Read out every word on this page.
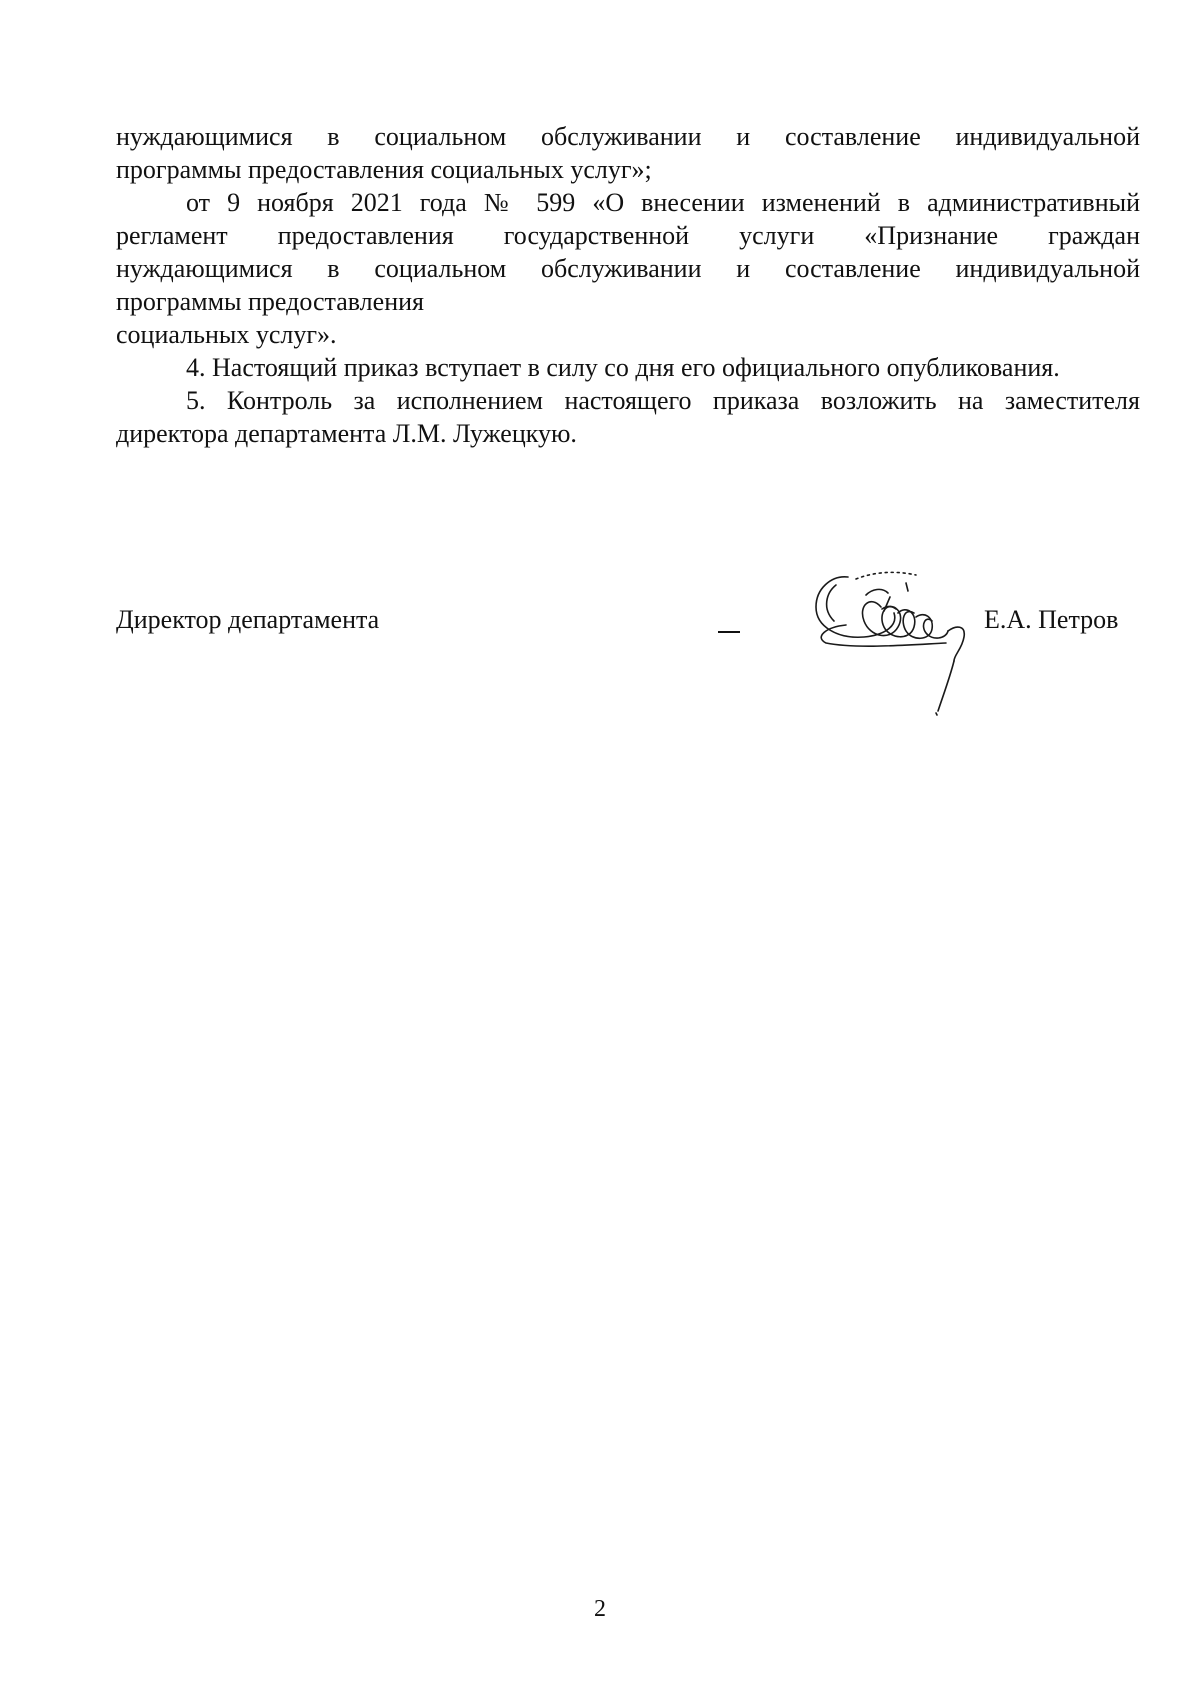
нуждающимися в социальном обслуживании и составление индивидуальной
программы предоставления социальных услуг»;

от 9 ноября 2021 года № 599 «О внесении изменений в административный
регламент предоставления государственной услуги «Признание граждан
нуждающимися в социальном обслуживании и составление индивидуальной
программы предоставления
социальных услуг».

4. Настоящий приказ вступает в силу со дня его официального опубликования.

5. Контроль за исполнением настоящего приказа возложить на заместителя
директора департамента Л.М. Лужецкую.

Директор департамента	Е.А. Петров
2
